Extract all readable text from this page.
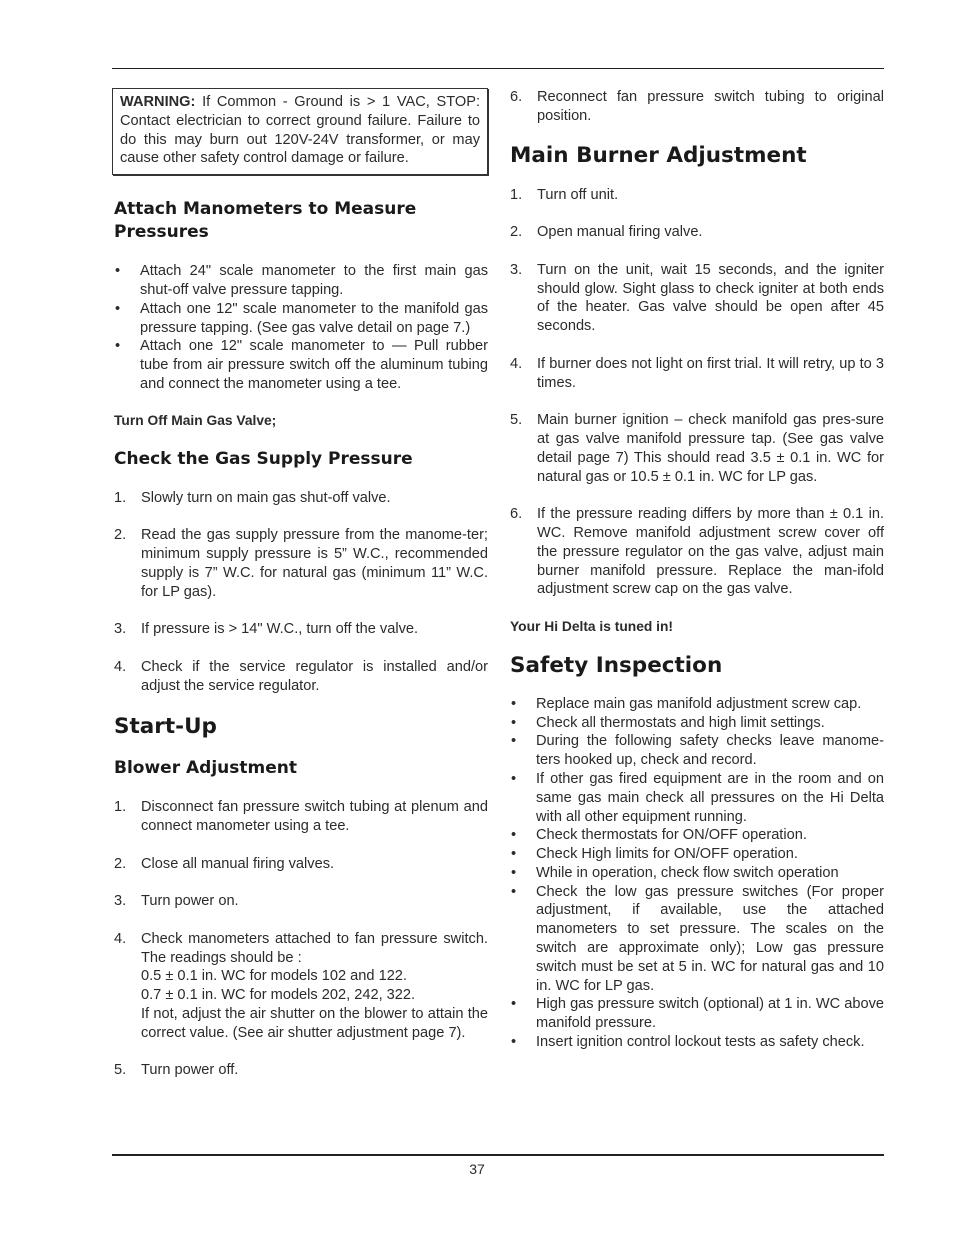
WARNING: If Common - Ground is > 1 VAC, STOP: Contact electrician to correct ground failure. Failure to do this may burn out 120V-24V transformer, or may cause other safety control damage or failure.
Attach Manometers to Measure Pressures
• Attach 24" scale manometer to the first main gas shut-off valve pressure tapping.
• Attach one 12" scale manometer to the manifold gas pressure tapping. (See gas valve detail on page 7.)
• Attach one 12" scale manometer to — Pull rubber tube from air pressure switch off the aluminum tubing and connect the manometer using a tee.
Turn Off Main Gas Valve;
Check the Gas Supply Pressure
1. Slowly turn on main gas shut-off valve.
2. Read the gas supply pressure from the manome-ter; minimum supply pressure is 5” W.C., recommended supply is 7” W.C. for natural gas (minimum 11” W.C. for LP gas).
3. If pressure is > 14" W.C., turn off the valve.
4. Check if the service regulator is installed and/or adjust the service regulator.
Start-Up
Blower Adjustment
1. Disconnect fan pressure switch tubing at plenum and connect manometer using a tee.
2. Close all manual firing valves.
3. Turn power on.
4. Check manometers attached to fan pressure switch. The readings should be :
0.5 ± 0.1 in. WC for models 102 and 122.
0.7 ± 0.1 in. WC for models 202, 242, 322.
If not, adjust the air shutter on the blower to attain the correct value. (See air shutter adjustment page 7).
5. Turn power off.
6. Reconnect fan pressure switch tubing to original position.
Main Burner Adjustment
1. Turn off unit.
2. Open manual firing valve.
3. Turn on the unit, wait 15 seconds, and the igniter should glow. Sight glass to check igniter at both ends of the heater. Gas valve should be open after 45 seconds.
4. If burner does not light on first trial. It will retry, up to 3 times.
5. Main burner ignition – check manifold gas pres-sure at gas valve manifold pressure tap. (See gas valve detail page 7) This should read 3.5 ± 0.1 in. WC for natural gas or 10.5 ± 0.1 in. WC for LP gas.
6. If the pressure reading differs by more than ± 0.1 in. WC. Remove manifold adjustment screw cover off the pressure regulator on the gas valve, adjust main burner manifold pressure. Replace the man-ifold adjustment screw cap on the gas valve.
Your Hi Delta is tuned in!
Safety Inspection
• Replace main gas manifold adjustment screw cap.
• Check all thermostats and high limit settings.
• During the following safety checks leave manome-ters hooked up, check and record.
• If other gas fired equipment are in the room and on same gas main check all pressures on the Hi Delta with all other equipment running.
• Check thermostats for ON/OFF operation.
• Check High limits for ON/OFF operation.
• While in operation, check flow switch operation
• Check the low gas pressure switches (For proper adjustment, if available, use the attached manometers to set pressure. The scales on the switch are approximate only); Low gas pressure switch must be set at 5 in. WC for natural gas and 10 in. WC for LP gas.
• High gas pressure switch (optional) at 1 in. WC above manifold pressure.
• Insert ignition control lockout tests as safety check.
37
